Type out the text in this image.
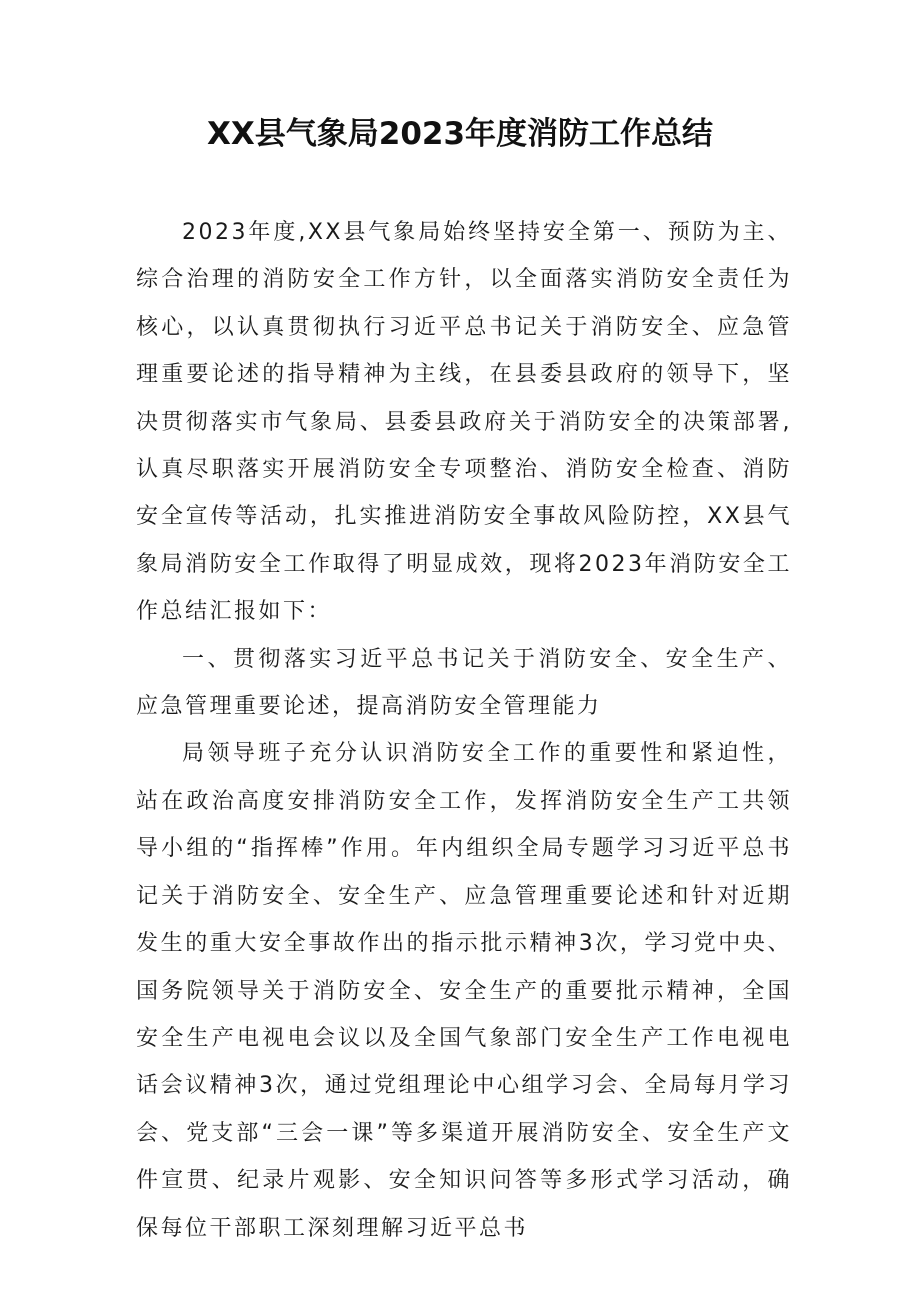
XX县气象局2023年度消防工作总结

2023年度,XX县气象局始终坚持安全第一、预防为主、综合治理的消防安全工作方针，以全面落实消防安全责任为核心，以认真贯彻执行习近平总书记关于消防安全、应急管理重要论述的指导精神为主线，在县委县政府的领导下，坚决贯彻落实市气象局、县委县政府关于消防安全的决策部署,认真尽职落实开展消防安全专项整治、消防安全检查、消防安全宣传等活动，扎实推进消防安全事故风险防控，XX县气象局消防安全工作取得了明显成效，现将2023年消防安全工作总结汇报如下：

一、贯彻落实习近平总书记关于消防安全、安全生产、应急管理重要论述，提高消防安全管理能力

局领导班子充分认识消防安全工作的重要性和紧迫性，站在政治高度安排消防安全工作，发挥消防安全生产工共领导小组的“指挥棒”作用。年内组织全局专题学习习近平总书记关于消防安全、安全生产、应急管理重要论述和针对近期发生的重大安全事故作出的指示批示精神3次，学习党中央、国务院领导关于消防安全、安全生产的重要批示精神，全国安全生产电视电会议以及全国气象部门安全生产工作电视电话会议精神3次，通过党组理论中心组学习会、全局每月学习会、党支部“三会一课”等多渠道开展消防安全、安全生产文件宣贯、纪录片观影、安全知识问答等多形式学习活动，确保每位干部职工深刻理解习近平总书
